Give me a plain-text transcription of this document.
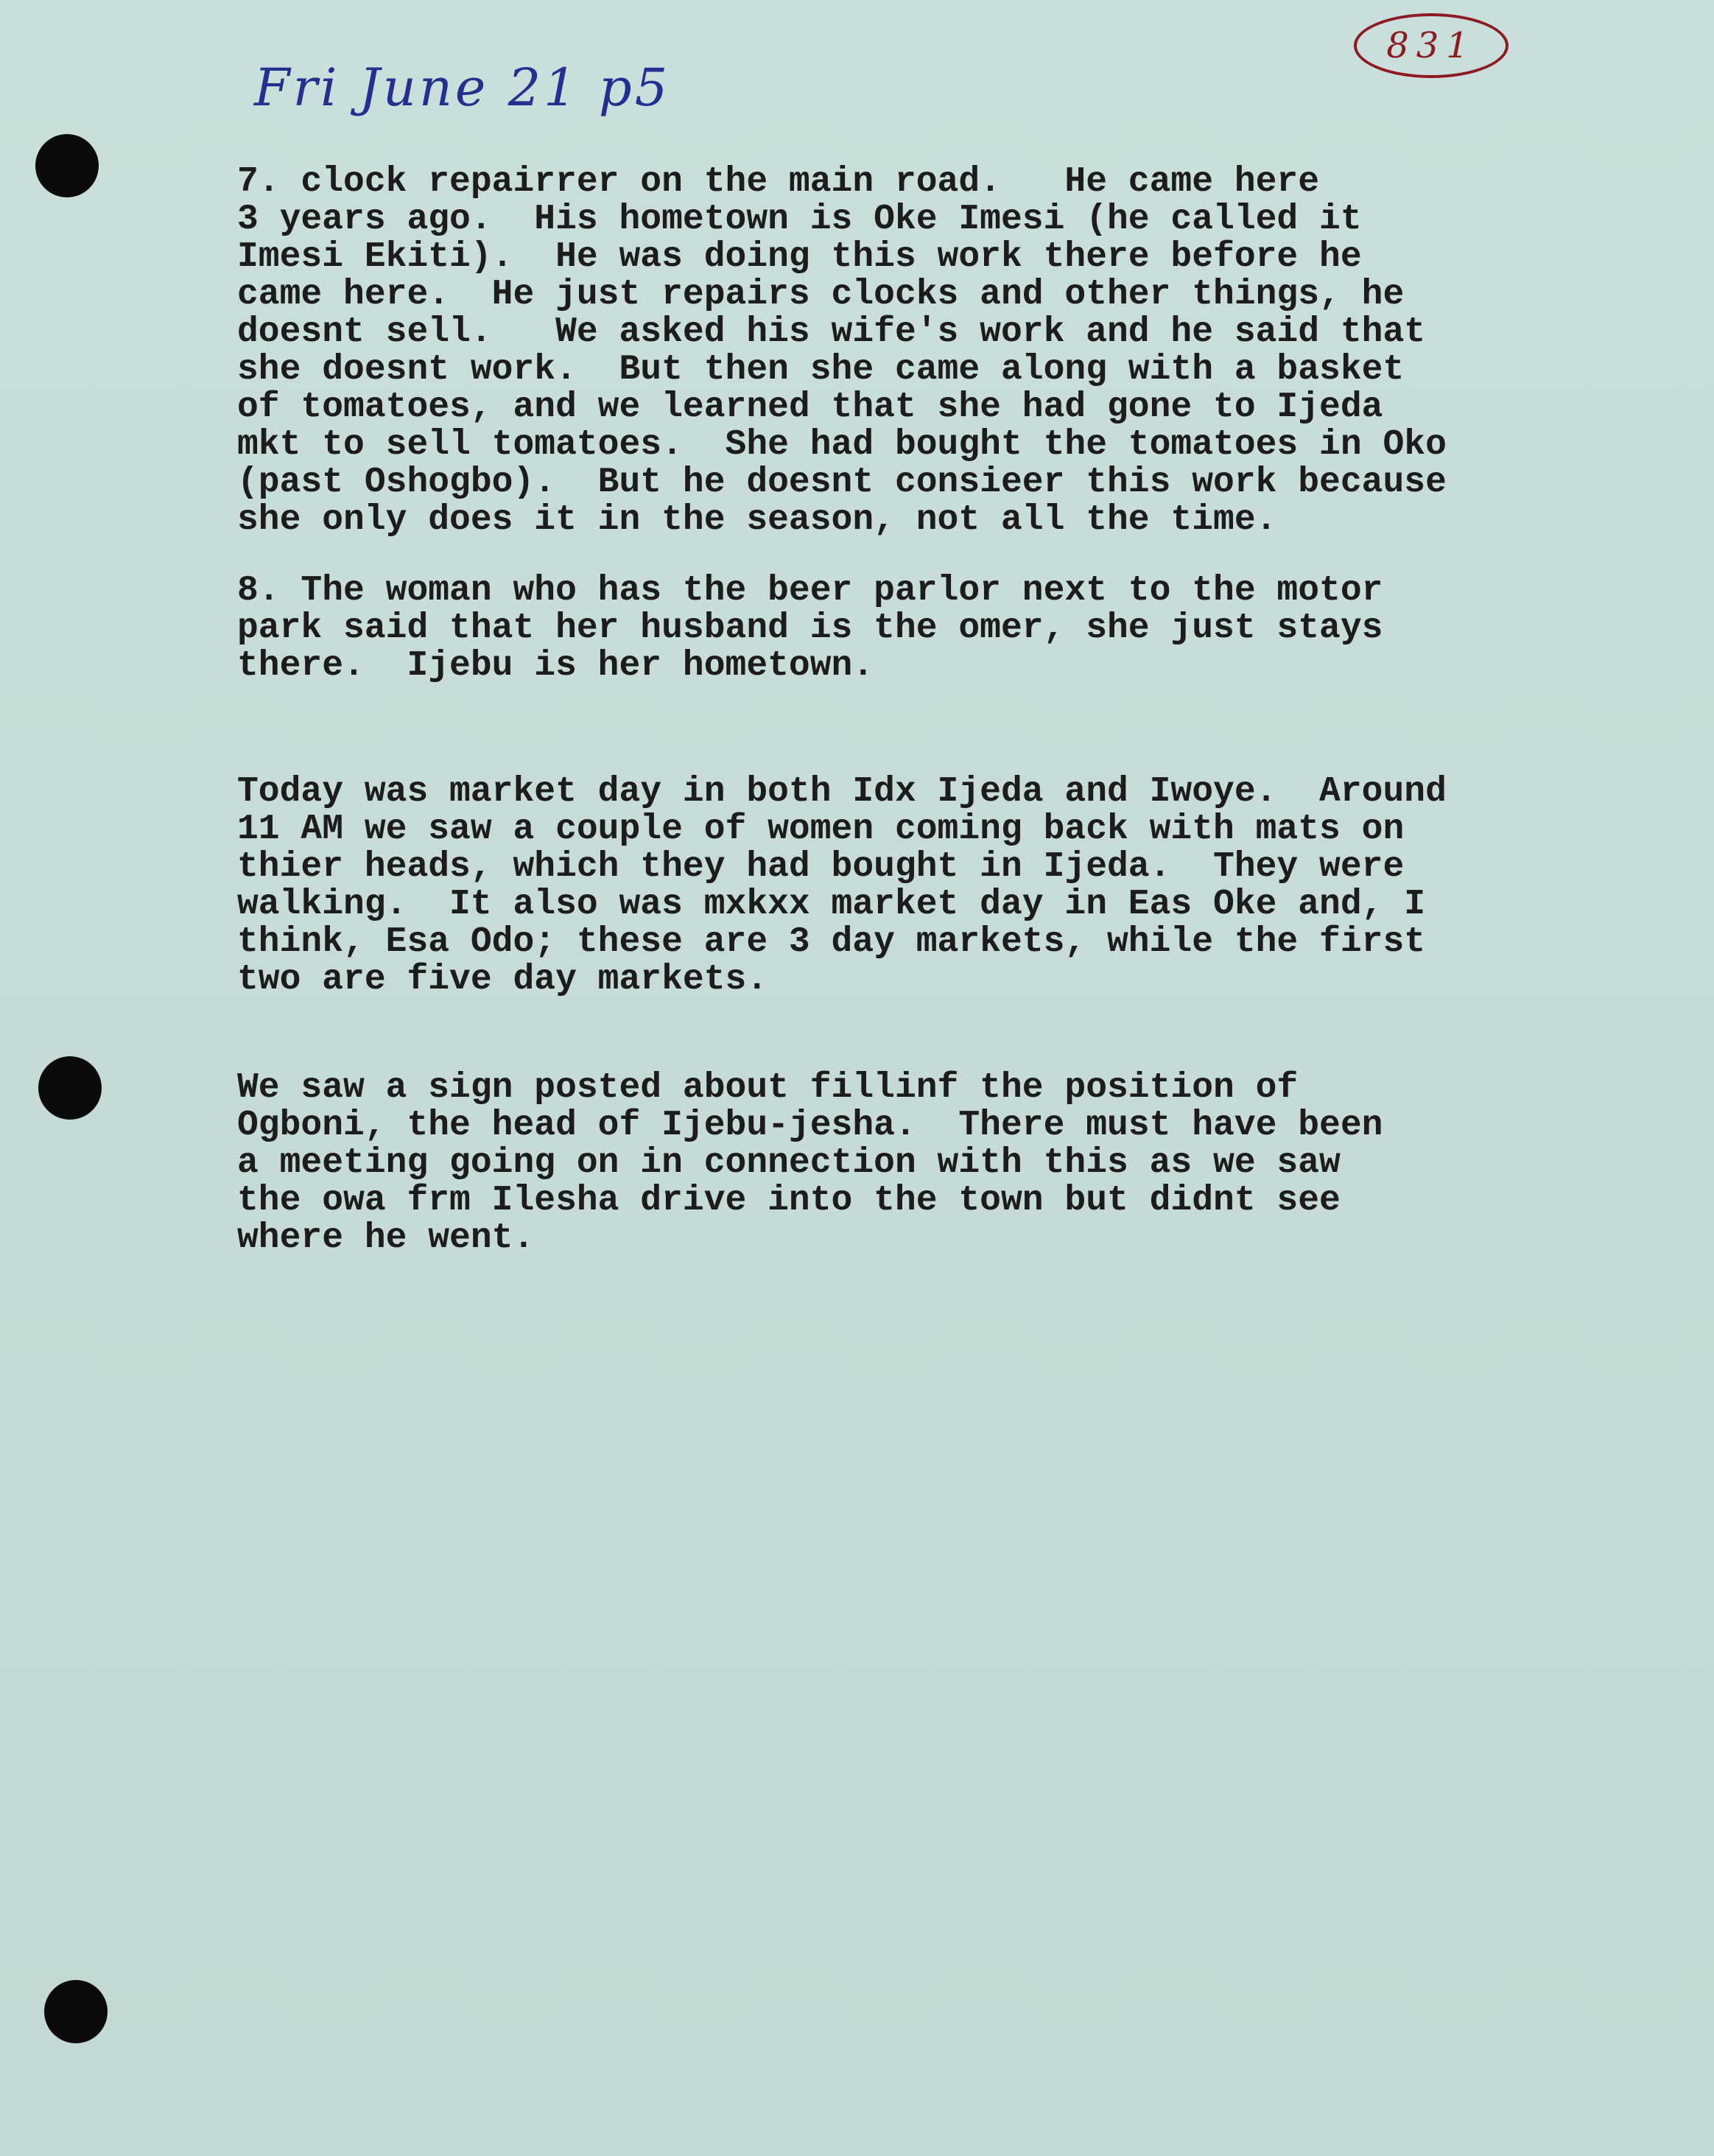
Fri June 21 p5
831

7. clock repairrer on the main road.   He came here
3 years ago.  His hometown is Oke Imesi (he called it
Imesi Ekiti).  He was doing this work there before he
came here.  He just repairs clocks and other things, he
doesnt sell.   We asked his wife's work and he said that
she doesnt work.  But then she came along with a basket
of tomatoes, and we learned that she had gone to Ijeda
mkt to sell tomatoes.  She had bought the tomatoes in Oko
(past Oshogbo).  But he doesnt consieer this work because
she only does it in the season, not all the time.

8. The woman who has the beer parlor next to the motor
park said that her husband is the omer, she just stays
there.  Ijebu is her hometown.

Today was market day in both Idx Ijeda and Iwoye.  Around
11 AM we saw a couple of women coming back with mats on
thier heads, which they had bought in Ijeda.  They were
walking.  It also was mxkxx market day in Eas Oke and, I
think, Esa Odo; these are 3 day markets, while the first
two are five day markets.

We saw a sign posted about fillinf the position of
Ogboni, the head of Ijebu-jesha.  There must have been
a meeting going on in connection with this as we saw
the owa frm Ilesha drive into the town but didnt see
where he went.
